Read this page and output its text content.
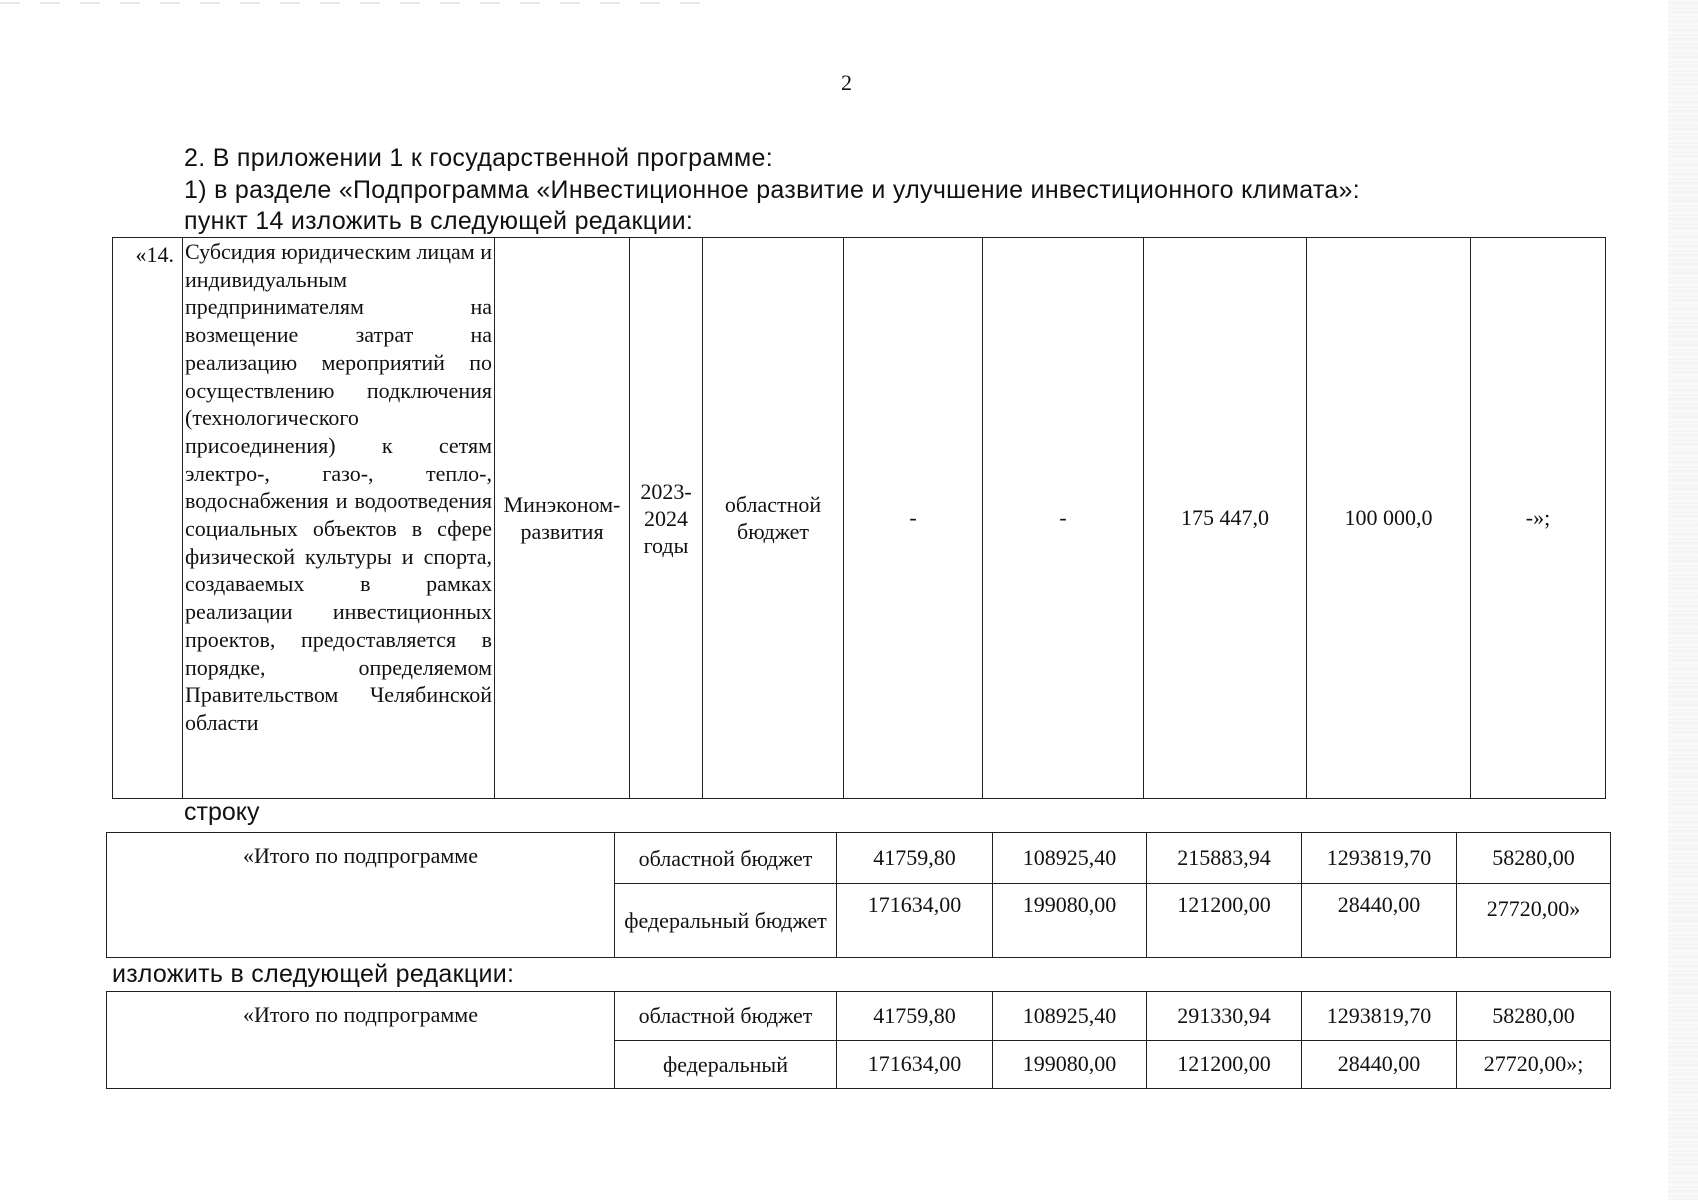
2
2. В приложении 1 к государственной программе:
1) в разделе «Подпрограмма «Инвестиционное развитие и улучшение инвестиционного климата»:
пункт 14 изложить в следующей редакции:
«14.	Субсидия юридическим лицам и индивидуальным предпринимателям на возмещение затрат на реализацию мероприятий по осуществлению подключения (технологического присоединения) к сетям электро-, газо-, тепло-, водоснабжения и водоотведения социальных объектов в сфере физической культуры и спорта, создаваемых в рамках реализации инвестиционных проектов, предоставляется в порядке, определяемом Правительством Челябинской области	Минэконом-развития	2023-2024 годы	областной бюджет	-	-	175 447,0	100 000,0	-»;
строку
«Итого по подпрограмме	областной бюджет	41759,80	108925,40	215883,94	1293819,70	58280,00
	федеральный бюджет	171634,00	199080,00	121200,00	28440,00	27720,00»
изложить в следующей редакции:
«Итого по подпрограмме	областной бюджет	41759,80	108925,40	291330,94	1293819,70	58280,00
	федеральный	171634,00	199080,00	121200,00	28440,00	27720,00»;
